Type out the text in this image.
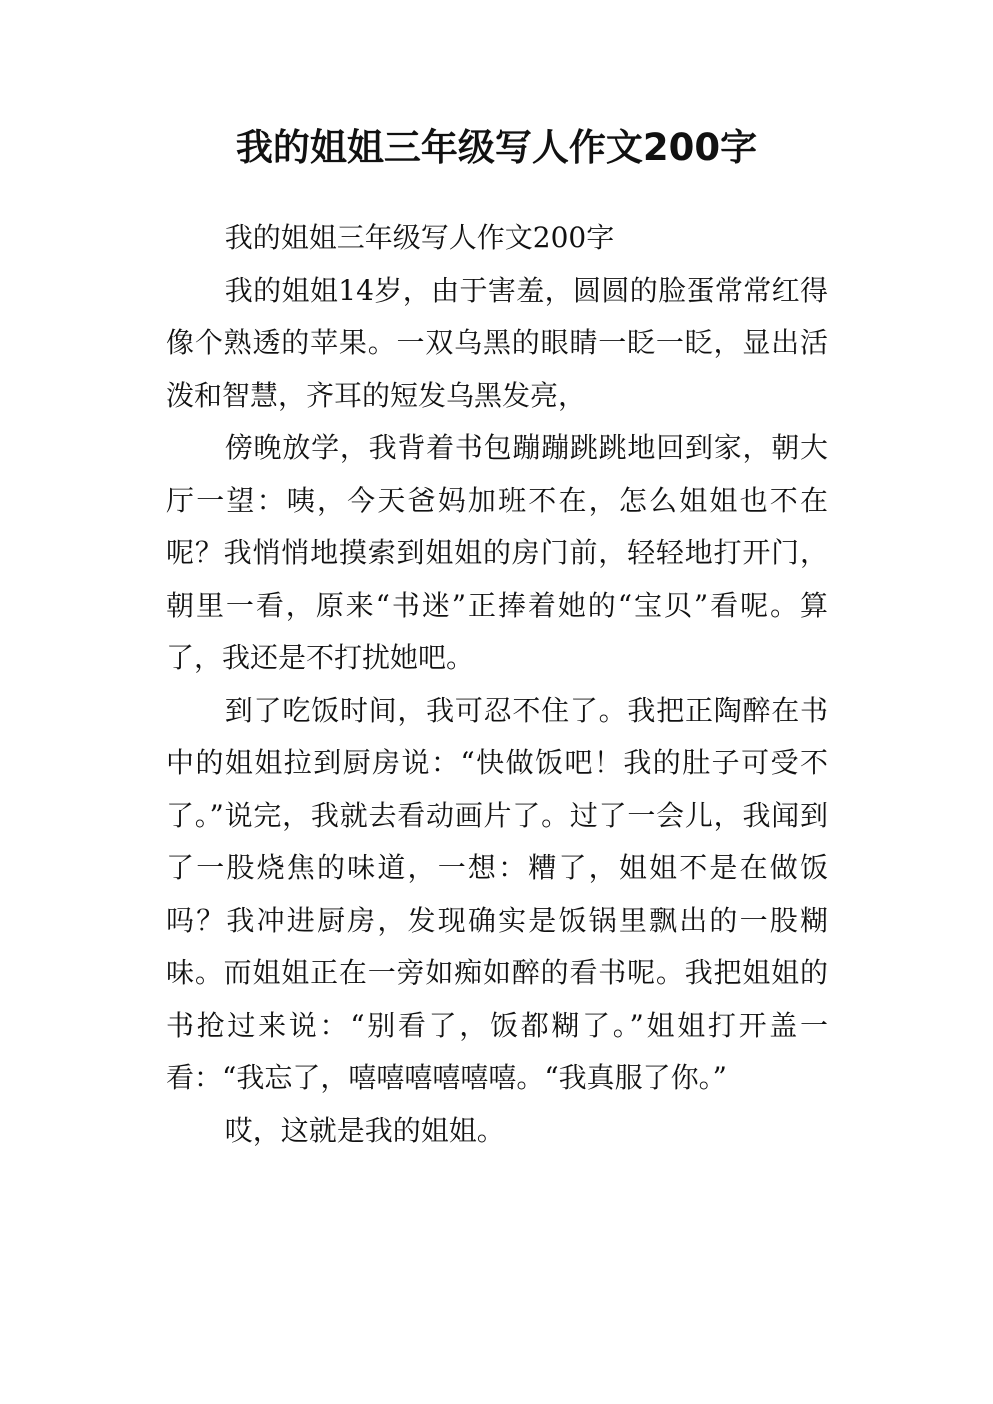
我的姐姐三年级写人作文200字

我的姐姐三年级写人作文200字

我的姐姐14岁，由于害羞，圆圆的脸蛋常常红得像个熟透的苹果。一双乌黑的眼睛一眨一眨，显出活泼和智慧，齐耳的短发乌黑发亮，

傍晚放学，我背着书包蹦蹦跳跳地回到家，朝大厅一望：咦，今天爸妈加班不在，怎么姐姐也不在呢？我悄悄地摸索到姐姐的房门前，轻轻地打开门，朝里一看，原来“书迷”正捧着她的“宝贝”看呢。算了，我还是不打扰她吧。

到了吃饭时间，我可忍不住了。我把正陶醉在书中的姐姐拉到厨房说：“快做饭吧！我的肚子可受不了。”说完，我就去看动画片了。过了一会儿，我闻到了一股烧焦的味道，一想：糟了，姐姐不是在做饭吗？我冲进厨房，发现确实是饭锅里飘出的一股糊味。而姐姐正在一旁如痴如醉的看书呢。我把姐姐的书抢过来说：“别看了，饭都糊了。”姐姐打开盖一看：“我忘了，嘻嘻嘻嘻嘻嘻。“我真服了你。”

哎，这就是我的姐姐。
